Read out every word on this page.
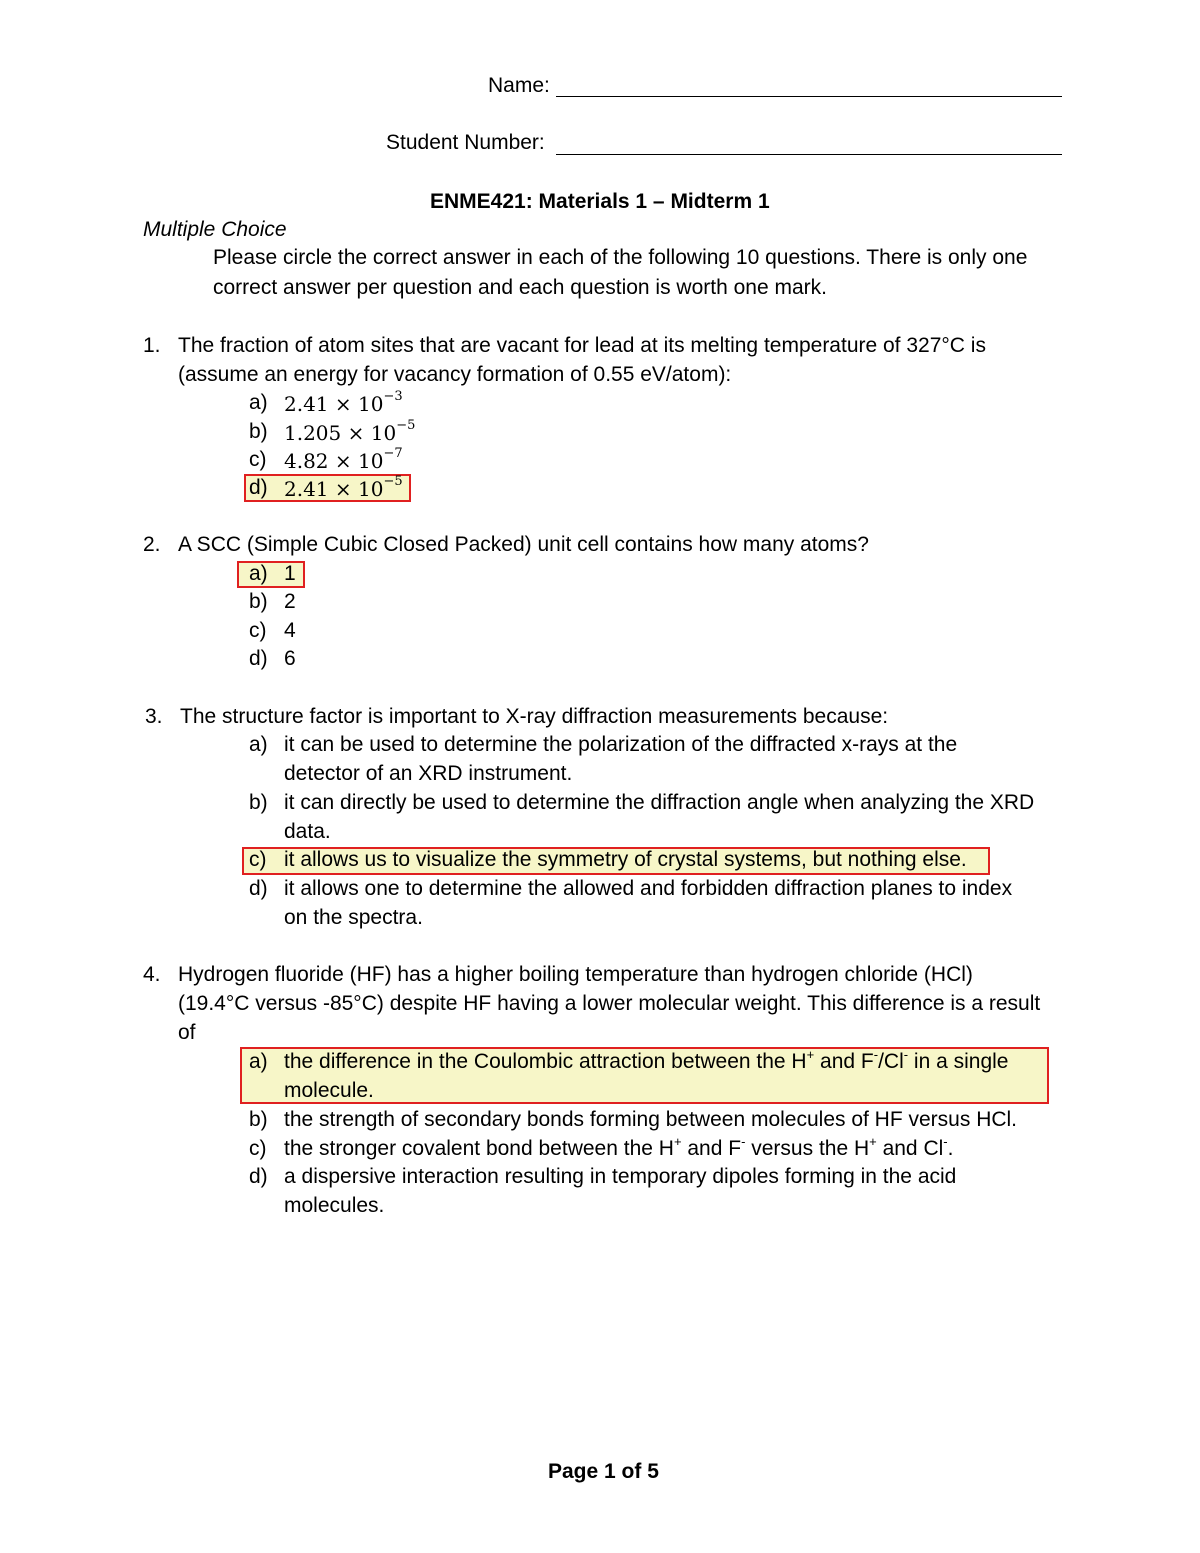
Name:
Student Number:
ENME421: Materials 1 – Midterm 1
Multiple Choice
Please circle the correct answer in each of the following 10 questions. There is only one
correct answer per question and each question is worth one mark.
1. The fraction of atom sites that are vacant for lead at its melting temperature of 327°C is
(assume an energy for vacancy formation of 0.55 eV/atom):
a) $2.41 \times 10^{-3}$
b) $1.205 \times 10^{-5}$
c) $4.82 \times 10^{-7}$
d) $2.41 \times 10^{-5}$
2. A SCC (Simple Cubic Closed Packed) unit cell contains how many atoms?
a) 1
b) 2
c) 4
d) 6
3. The structure factor is important to X-ray diffraction measurements because:
a) it can be used to determine the polarization of the diffracted x-rays at the
detector of an XRD instrument.
b) it can directly be used to determine the diffraction angle when analyzing the XRD
data.
c) it allows us to visualize the symmetry of crystal systems, but nothing else.
d) it allows one to determine the allowed and forbidden diffraction planes to index
on the spectra.
4. Hydrogen fluoride (HF) has a higher boiling temperature than hydrogen chloride (HCl)
(19.4°C versus -85°C) despite HF having a lower molecular weight. This difference is a result
of
a) the difference in the Coulombic attraction between the H+ and F-/Cl- in a single
molecule.
b) the strength of secondary bonds forming between molecules of HF versus HCl.
c) the stronger covalent bond between the H+ and F- versus the H+ and Cl-.
d) a dispersive interaction resulting in temporary dipoles forming in the acid
molecules.
Page 1 of 5
